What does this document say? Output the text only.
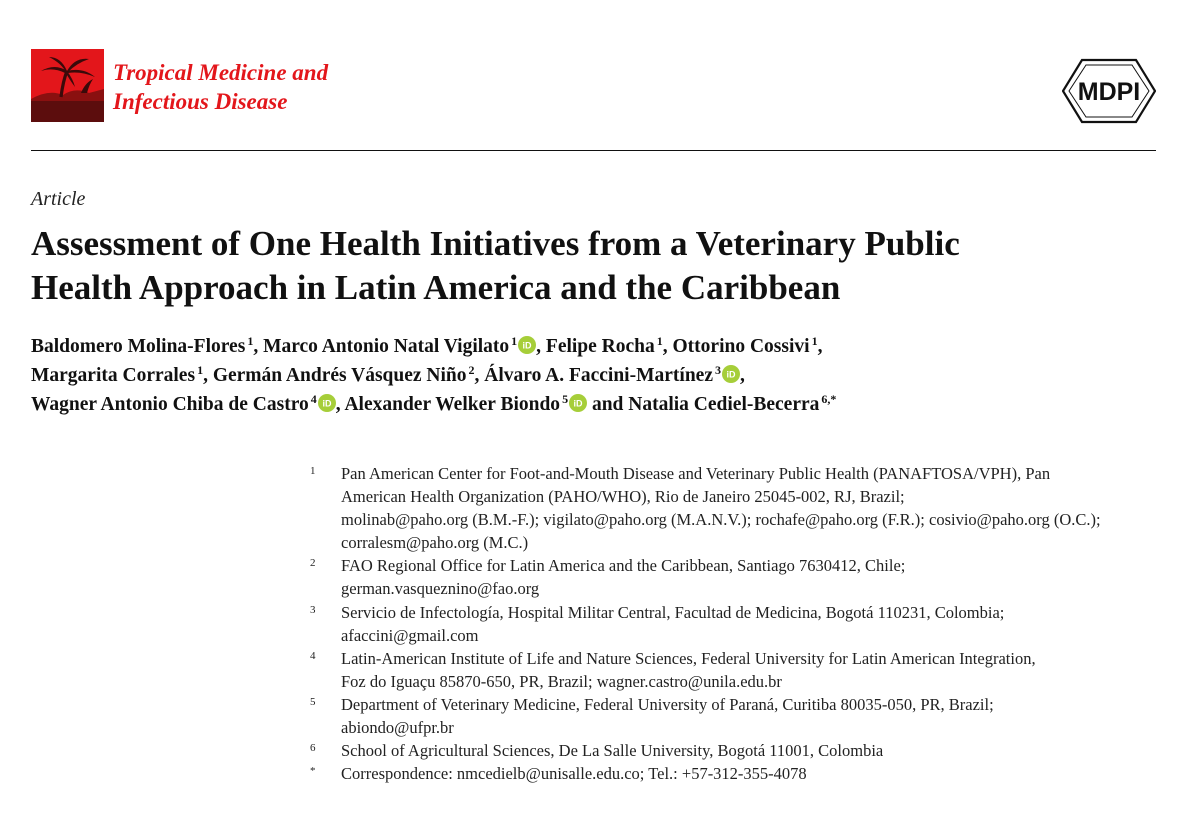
Tropical Medicine and
Infectious Disease	MDPI
Article
Assessment of One Health Initiatives from a Veterinary Public
Health Approach in Latin America and the Caribbean
Baldomero Molina-Flores $^1$, Marco Antonio Natal Vigilato $^1$ iD , Felipe Rocha $^1$, Ottorino Cossivi $^1$,
Margarita Corrales $^1$, Germán Andrés Vásquez Niño $^2$, Álvaro A. Faccini-Martínez $^3$ iD ,
Wagner Antonio Chiba de Castro $^4$ iD , Alexander Welker Biondo $^5$ iD and Natalia Cediel-Becerra $^{6,*}$
1	Pan American Center for Foot-and-Mouth Disease and Veterinary Public Health (PANAFTOSA/VPH), Pan
American Health Organization (PAHO/WHO), Rio de Janeiro 25045-002, RJ, Brazil;
molinab@paho.org (B.M.-F.); vigilato@paho.org (M.A.N.V.); rochafe@paho.org (F.R.); cosivio@paho.org (O.C.);
corralesm@paho.org (M.C.)
2	FAO Regional Office for Latin America and the Caribbean, Santiago 7630412, Chile;
german.vasqueznino@fao.org
3	Servicio de Infectología, Hospital Militar Central, Facultad de Medicina, Bogotá 110231, Colombia;
afaccini@gmail.com
4	Latin-American Institute of Life and Nature Sciences, Federal University for Latin American Integration,
Foz do Iguaçu 85870-650, PR, Brazil; wagner.castro@unila.edu.br
5	Department of Veterinary Medicine, Federal University of Paraná, Curitiba 80035-050, PR, Brazil;
abiondo@ufpr.br
6	School of Agricultural Sciences, De La Salle University, Bogotá 11001, Colombia
*	Correspondence: nmcedielb@unisalle.edu.co; Tel.: +57-312-355-4078
